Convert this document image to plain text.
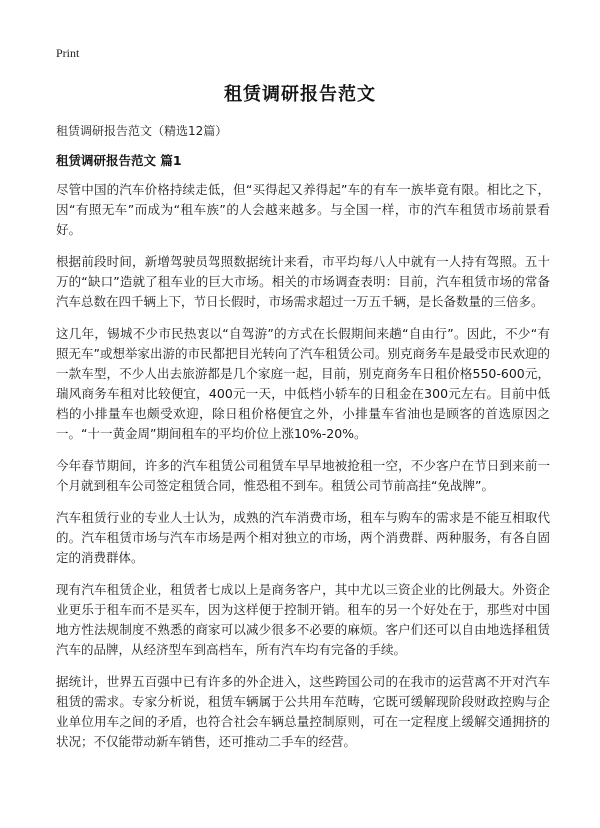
Print
租赁调研报告范文
租赁调研报告范文（精选12篇）
租赁调研报告范文 篇1

尽管中国的汽车价格持续走低，但“买得起又养得起”车的有车一族毕竟有限。相比之下，因“有照无车”而成为“租车族”的人会越来越多。与全国一样，市的汽车租赁市场前景看好。

根据前段时间，新增驾驶员驾照数据统计来看，市平均每八人中就有一人持有驾照。五十万的“缺口”造就了租车业的巨大市场。相关的市场调查表明：目前，汽车租赁市场的常备汽车总数在四千辆上下，节日长假时，市场需求超过一万五千辆，是长备数量的三倍多。

这几年，锡城不少市民热衷以“自驾游”的方式在长假期间来趟“自由行”。因此，不少“有照无车”或想举家出游的市民都把目光转向了汽车租赁公司。别克商务车是最受市民欢迎的一款车型，不少人出去旅游都是几个家庭一起，目前，别克商务车日租价格550-600元，瑞风商务车租对比较便宜，400元一天，中低档小轿车的日租金在300元左右。目前中低档的小排量车也颇受欢迎，除日租价格便宜之外，小排量车省油也是顾客的首选原因之一。“十一黄金周”期间租车的平均价位上涨10%-20%。

今年春节期间，许多的汽车租赁公司租赁车早早地被抢租一空，不少客户在节日到来前一个月就到租车公司签定租赁合同，惟恐租不到车。租赁公司节前高挂“免战牌”。

汽车租赁行业的专业人士认为，成熟的汽车消费市场，租车与购车的需求是不能互相取代的。汽车租赁市场与汽车市场是两个相对独立的市场，两个消费群、两种服务，有各自固定的消费群体。

现有汽车租赁企业，租赁者七成以上是商务客户，其中尤以三资企业的比例最大。外资企业更乐于租车而不是买车，因为这样便于控制开销。租车的另一个好处在于，那些对中国地方性法规制度不熟悉的商家可以减少很多不必要的麻烦。客户们还可以自由地选择租赁汽车的品牌，从经济型车到高档车，所有汽车均有完备的手续。

据统计，世界五百强中已有许多的外企进入，这些跨国公司的在我市的运营离不开对汽车租赁的需求。专家分析说，租赁车辆属于公共用车范畴，它既可缓解现阶段财政控购与企业单位用车之间的矛盾，也符合社会车辆总量控制原则，可在一定程度上缓解交通拥挤的状况；不仅能带动新车销售，还可推动二手车的经营。
